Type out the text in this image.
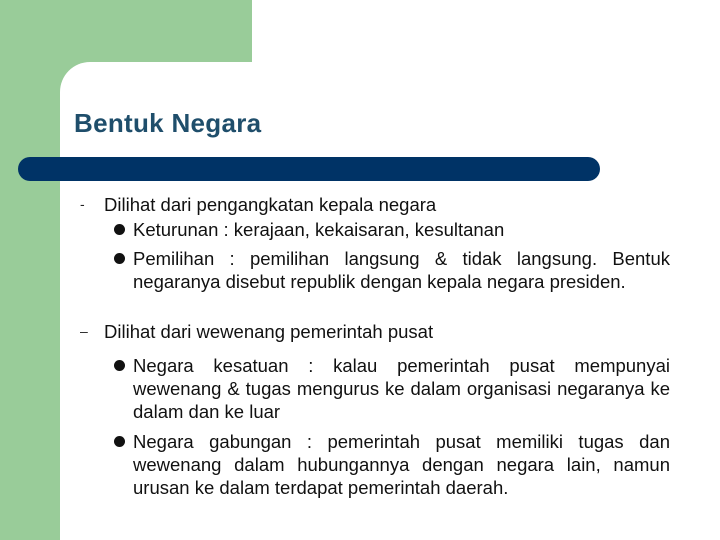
Bentuk Negara
- Dilihat dari pengangkatan kepala negara
Keturunan : kerajaan, kekaisaran, kesultanan
Pemilihan : pemilihan langsung & tidak langsung. Bentuk negaranya disebut republik dengan kepala negara presiden.
– Dilihat dari wewenang pemerintah pusat
Negara kesatuan : kalau pemerintah pusat mempunyai wewenang & tugas mengurus ke dalam organisasi negaranya ke dalam dan ke luar
Negara gabungan : pemerintah pusat memiliki tugas dan wewenang dalam hubungannya dengan negara lain, namun urusan ke dalam terdapat pemerintah daerah.
